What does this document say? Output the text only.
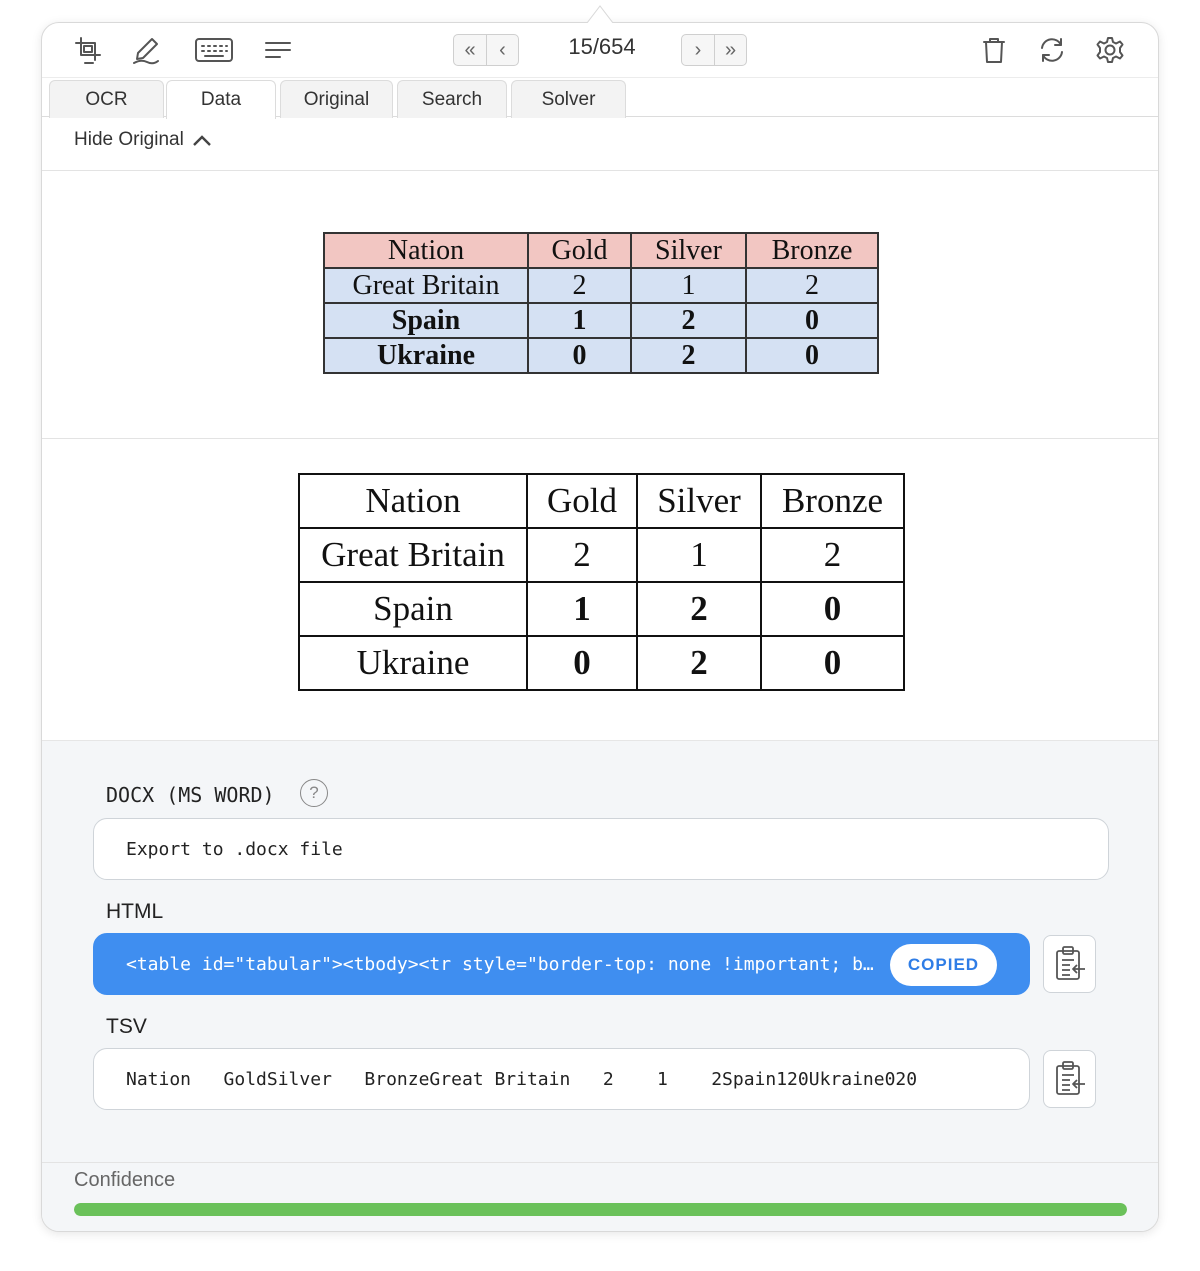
«	‹	15/654	›	»
OCR	Data	Original	Search	Solver
Hide Original
Nation	Gold	Silver	Bronze
Great Britain	2	1	2
Spain	1	2	0
Ukraine	0	2	0
Nation	Gold	Silver	Bronze
Great Britain	2	1	2
Spain	1	2	0
Ukraine	0	2	0
DOCX (MS WORD)	?
Export to .docx file
HTML
<table id="tabular"><tbody><tr style="border-top: none !important; b…	COPIED
TSV
Nation   GoldSilver   BronzeGreat Britain   2    1    2Spain120Ukraine020
Confidence
